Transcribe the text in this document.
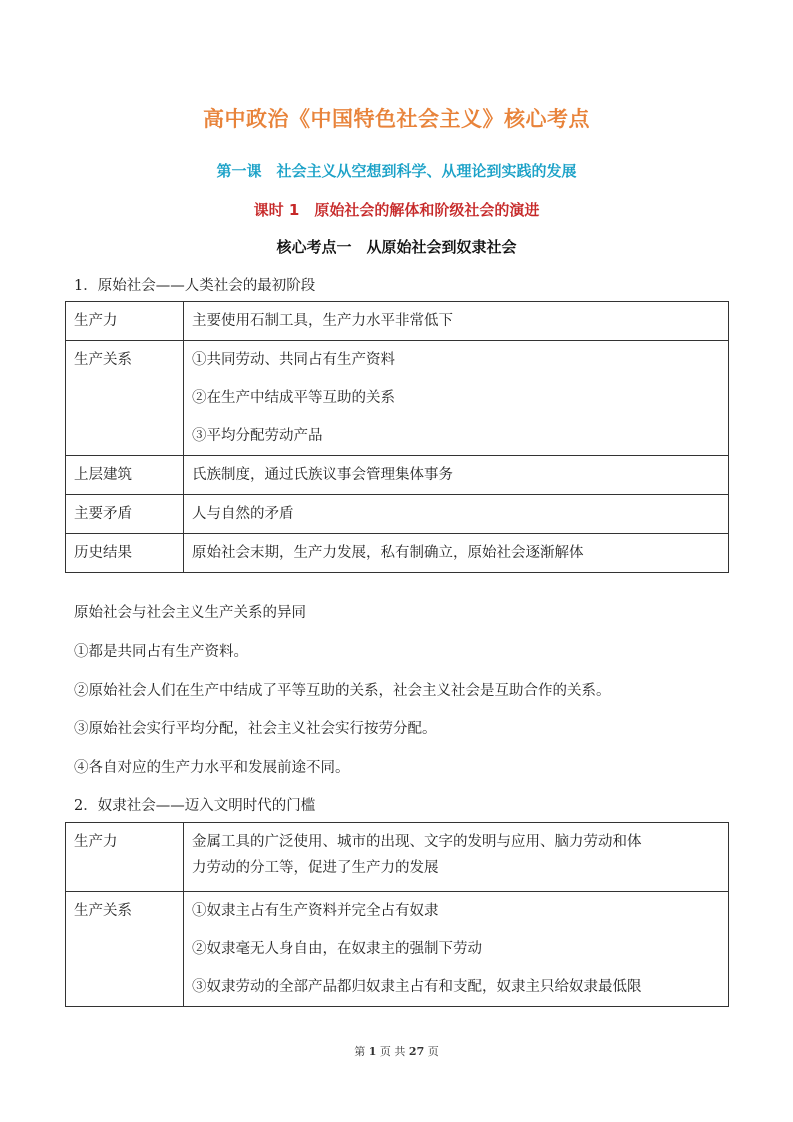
高中政治《中国特色社会主义》核心考点
第一课　社会主义从空想到科学、从理论到实践的发展
课时 1　原始社会的解体和阶级社会的演进
核心考点一　从原始社会到奴隶社会
1．原始社会——人类社会的最初阶段
生产力	主要使用石制工具，生产力水平非常低下
生产关系	①共同劳动、共同占有生产资料
②在生产中结成平等互助的关系
③平均分配劳动产品

上层建筑	氏族制度，通过氏族议事会管理集体事务
主要矛盾	人与自然的矛盾
历史结果	原始社会末期，生产力发展，私有制确立，原始社会逐渐解体
原始社会与社会主义生产关系的异同
①都是共同占有生产资料。
②原始社会人们在生产中结成了平等互助的关系，社会主义社会是互助合作的关系。
③原始社会实行平均分配，社会主义社会实行按劳分配。
④各自对应的生产力水平和发展前途不同。
2．奴隶社会——迈入文明时代的门槛
生产力	金属工具的广泛使用、城市的出现、文字的发明与应用、脑力劳动和体
力劳动的分工等，促进了生产力的发展

生产关系	①奴隶主占有生产资料并完全占有奴隶
②奴隶毫无人身自由，在奴隶主的强制下劳动
③奴隶劳动的全部产品都归奴隶主占有和支配，奴隶主只给奴隶最低限
第 1 页 共 27 页
